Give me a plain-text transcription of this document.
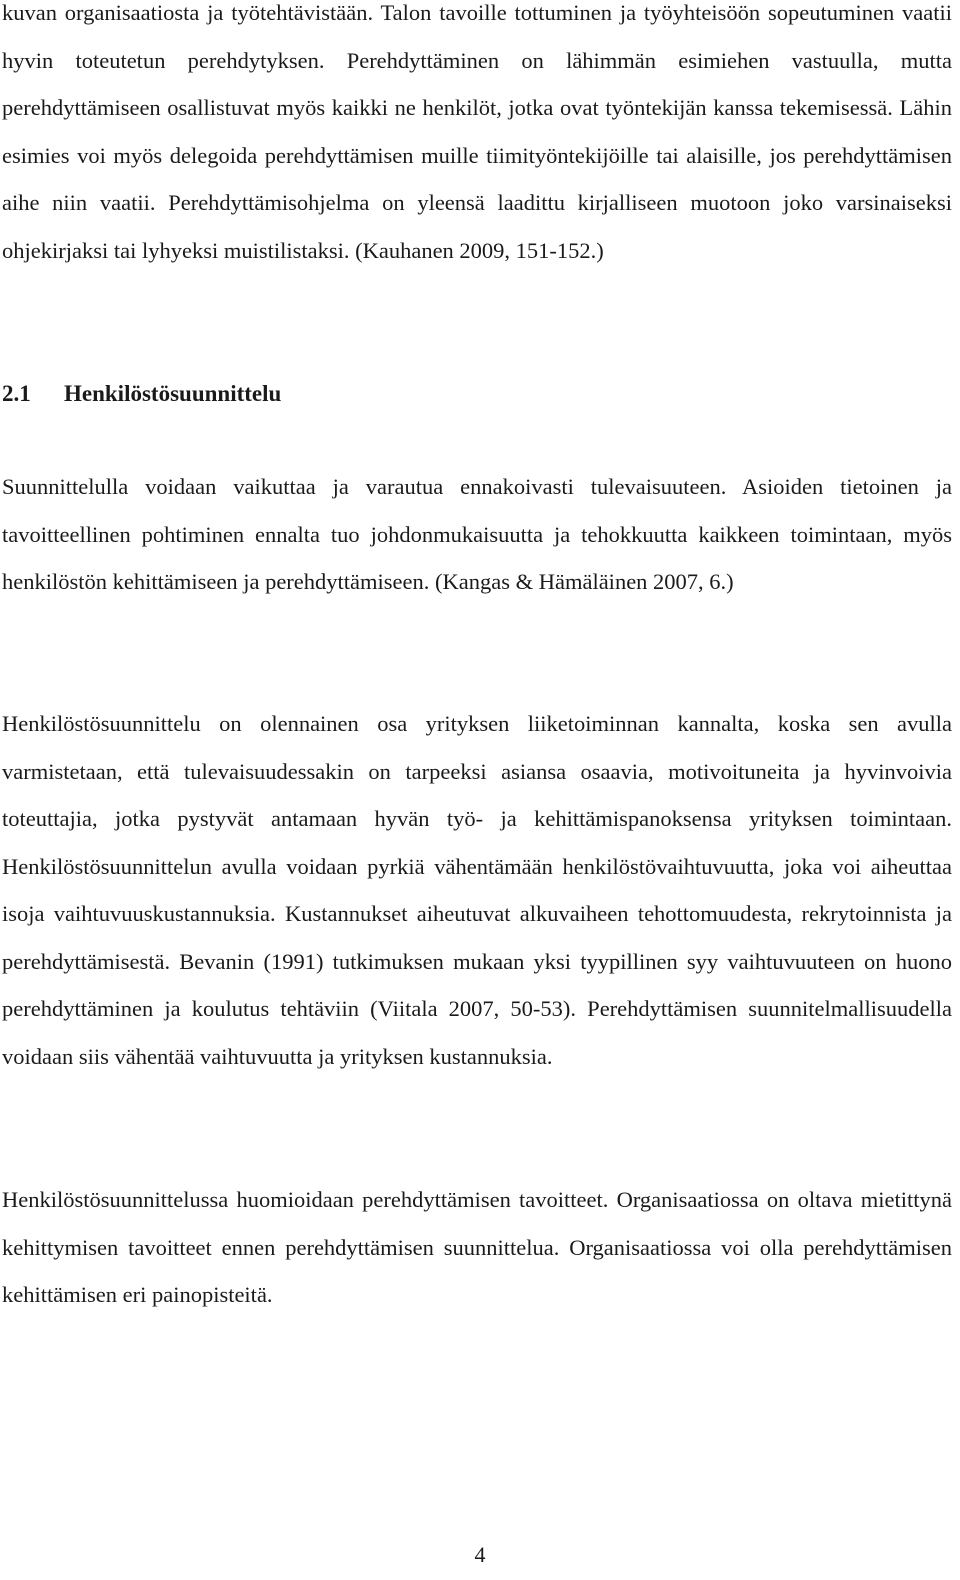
kuvan organisaatiosta ja työtehtävistään. Talon tavoille tottuminen ja työyhteisöön sopeutuminen vaatii hyvin toteutetun perehdytyksen. Perehdyttäminen on lähimmän esimiehen vastuulla, mutta perehdyttämiseen osallistuvat myös kaikki ne henkilöt, jotka ovat työntekijän kanssa tekemisessä. Lähin esimies voi myös delegoida perehdyttämisen muille tiimityöntekijöille tai alaisille, jos perehdyttämisen aihe niin vaatii. Perehdyttämisohjelma on yleensä laadittu kirjalliseen muotoon joko varsinaiseksi ohjekirjaksi tai lyhyeksi muistilistaksi. (Kauhanen 2009, 151-152.)

2.1 Henkilöstösuunnittelu

Suunnittelulla voidaan vaikuttaa ja varautua ennakoivasti tulevaisuuteen. Asioiden tietoinen ja tavoitteellinen pohtiminen ennalta tuo johdonmukaisuutta ja tehokkuutta kaikkeen toimintaan, myös henkilöstön kehittämiseen ja perehdyttämiseen. (Kangas & Hämäläinen 2007, 6.)

Henkilöstösuunnittelu on olennainen osa yrityksen liiketoiminnan kannalta, koska sen avulla varmistetaan, että tulevaisuudessakin on tarpeeksi asiansa osaavia, motivoituneita ja hyvinvoivia toteuttajia, jotka pystyvät antamaan hyvän työ- ja kehittämispanoksensa yrityksen toimintaan. Henkilöstösuunnittelun avulla voidaan pyrkiä vähentämään henkilöstövaihtuvuutta, joka voi aiheuttaa isoja vaihtuvuuskustannuksia. Kustannukset aiheutuvat alkuvaiheen tehottomuudesta, rekrytoinnista ja perehdyttämisestä. Bevanin (1991) tutkimuksen mukaan yksi tyypillinen syy vaihtuvuuteen on huono perehdyttäminen ja koulutus tehtäviin (Viitala 2007, 50-53). Perehdyttämisen suunnitelmallisuudella voidaan siis vähentää vaihtuvuutta ja yrityksen kustannuksia.

Henkilöstösuunnittelussa huomioidaan perehdyttämisen tavoitteet. Organisaatiossa on oltava mietittynä kehittymisen tavoitteet ennen perehdyttämisen suunnittelua. Organisaatiossa voi olla perehdyttämisen kehittämisen eri painopisteitä.

4
